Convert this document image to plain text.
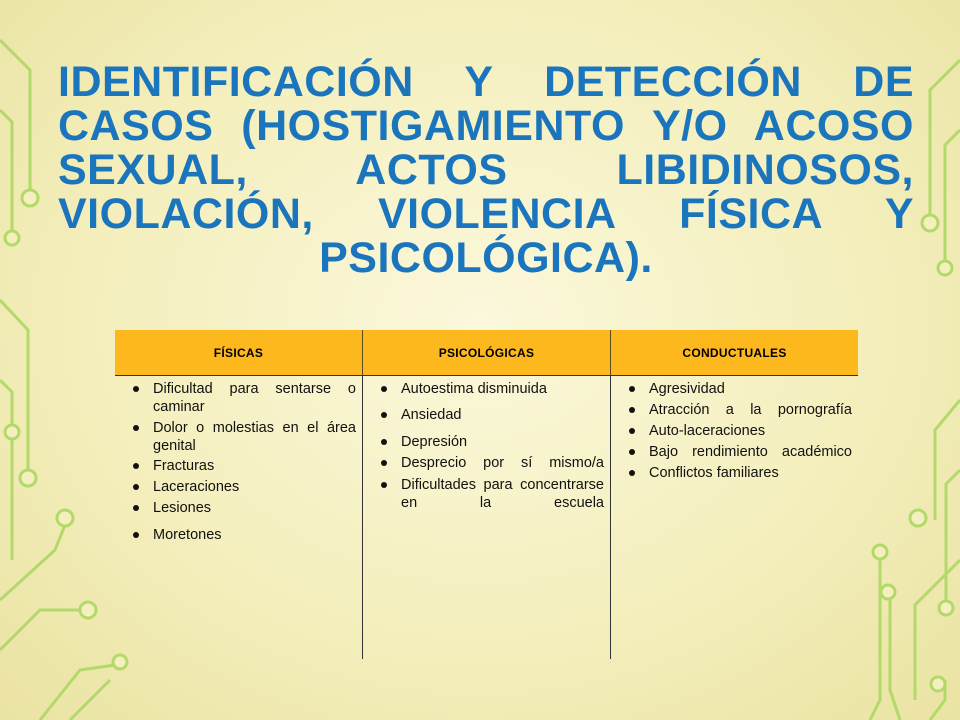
IDENTIFICACIÓN Y DETECCIÓN DE CASOS (HOSTIGAMIENTO Y/O ACOSO SEXUAL, ACTOS LIBIDINOSOS, VIOLACIÓN, VIOLENCIA FÍSICA Y PSICOLÓGICA).
FÍSICAS	PSICOLÓGICAS	CONDUCTUALES
Dificultad para sentarse o caminar
Dolor o molestias en el área genital
Fracturas
Laceraciones
Lesiones
Moretones
Autoestima disminuida
Ansiedad
Depresión
Desprecio por sí mismo/a
Dificultades para concentrarse en la escuela
Agresividad
Atracción a la pornografía
Auto-laceraciones
Bajo rendimiento académico
Conflictos familiares
